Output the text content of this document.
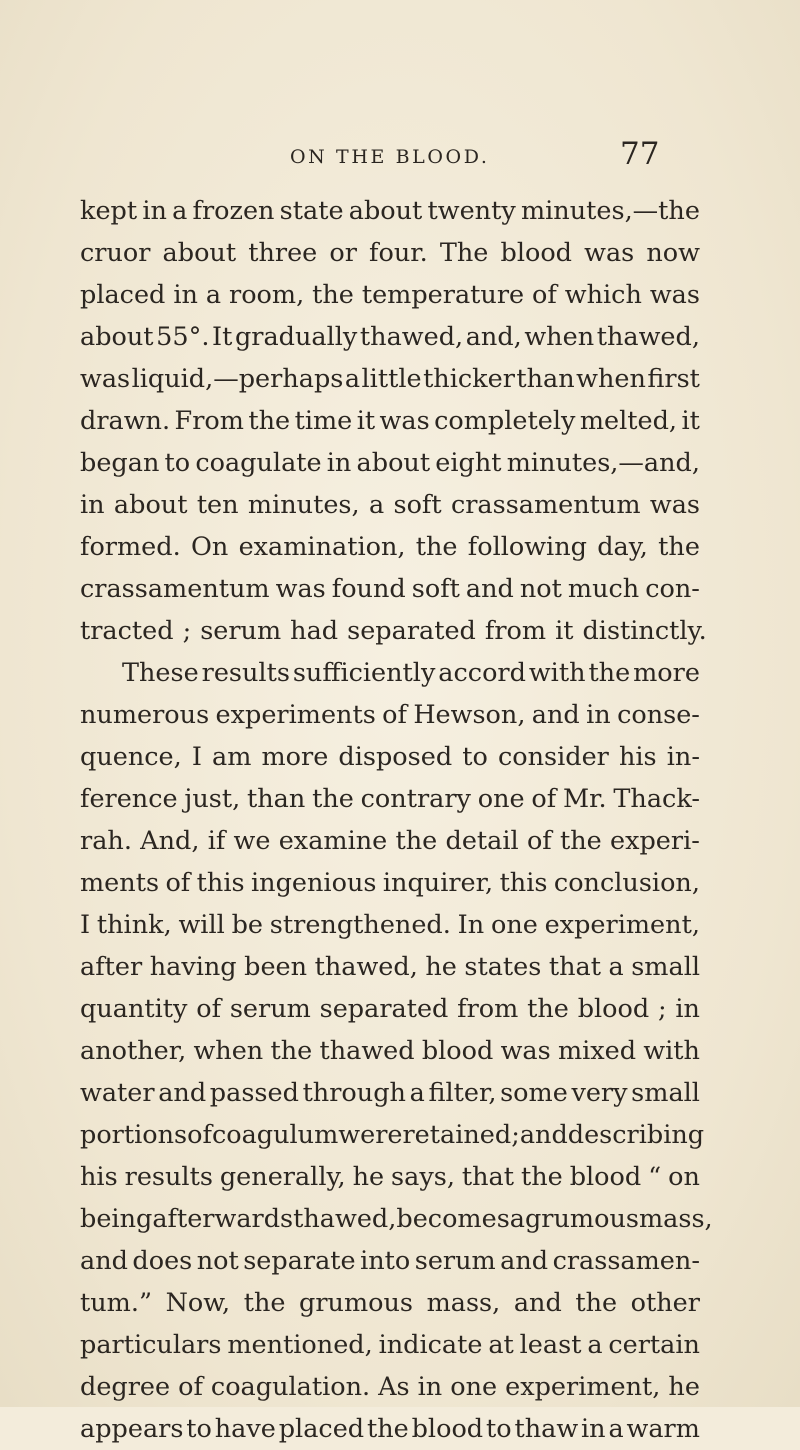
ON THE BLOOD.	77
kept in a frozen state about twenty minutes,—the
cruor about three or four. The blood was now
placed in a room, the temperature of which was
about 55°. It gradually thawed, and, when thawed,
was liquid,—perhaps a little thicker than when first
drawn. From the time it was completely melted, it
began to coagulate in about eight minutes,—and,
in about ten minutes, a soft crassamentum was
formed. On examination, the following day, the
crassamentum was found soft and not much con-
tracted ; serum had separated from it distinctly.
These results sufficiently accord with the more
numerous experiments of Hewson, and in conse-
quence, I am more disposed to consider his in-
ference just, than the contrary one of Mr. Thack-
rah. And, if we examine the detail of the experi-
ments of this ingenious inquirer, this conclusion,
I think, will be strengthened. In one experiment,
after having been thawed, he states that a small
quantity of serum separated from the blood ; in
another, when the thawed blood was mixed with
water and passed through a filter, some very small
portions of coagulum were retained ; and describing
his results generally, he says, that the blood “ on
being afterwards thawed, becomes a grumous mass,
and does not separate into serum and crassamen-
tum.” Now, the grumous mass, and the other
particulars mentioned, indicate at least a certain
degree of coagulation. As in one experiment, he
appears to have placed the blood to thaw in a warm
